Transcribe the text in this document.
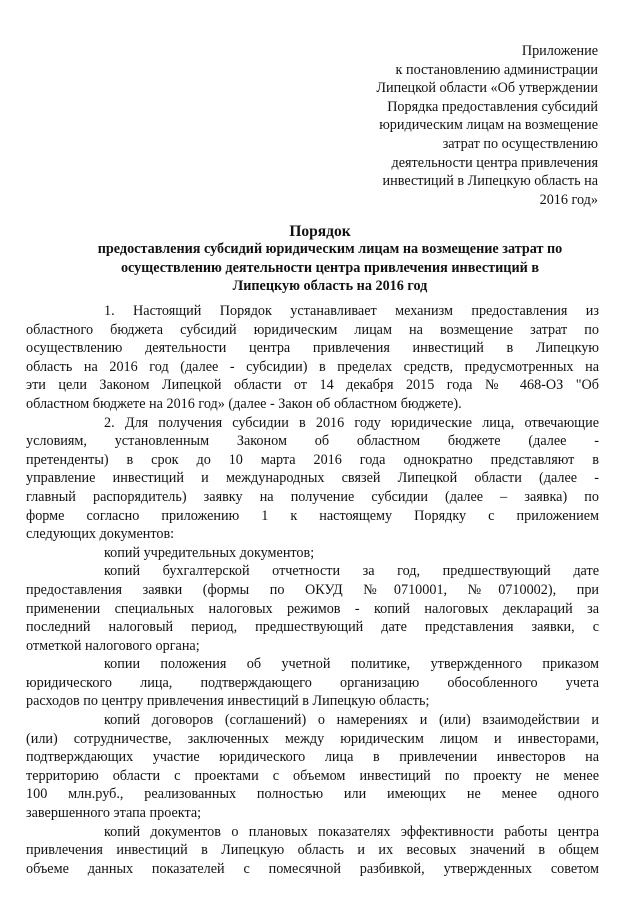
Приложение
к постановлению администрации
Липецкой области «Об утверждении
Порядка предоставления субсидий
юридическим лицам на возмещение
затрат по осуществлению
деятельности центра привлечения
инвестиций в Липецкую область на
2016 год»
Порядок
предоставления субсидий юридическим лицам на возмещение затрат по
осуществлению деятельности центра привлечения инвестиций в
Липецкую область на 2016 год
1. Настоящий Порядок устанавливает механизм предоставления из
областного бюджета субсидий юридическим лицам на возмещение затрат по
осуществлению деятельности центра привлечения инвестиций в Липецкую
область на 2016 год (далее - субсидии) в пределах средств, предусмотренных на
эти цели Законом Липецкой области от 14 декабря 2015 года № 468-ОЗ "Об
областном бюджете на 2016 год» (далее - Закон об областном бюджете).
2. Для получения субсидии в 2016 году юридические лица, отвечающие
условиям, установленным Законом об областном бюджете (далее -
претенденты) в срок до 10 марта 2016 года однократно представляют в
управление инвестиций и международных связей Липецкой области (далее -
главный распорядитель) заявку на получение субсидии (далее – заявка) по
форме согласно приложению 1 к настоящему Порядку с приложением
следующих документов:
копий учредительных документов;
копий бухгалтерской отчетности за год, предшествующий дате
предоставления заявки (формы по ОКУД №0710001, №0710002), при
применении специальных налоговых режимов - копий налоговых деклараций за
последний налоговый период, предшествующий дате представления заявки, с
отметкой налогового органа;
копии положения об учетной политике, утвержденного приказом
юридического лица, подтверждающего организацию обособленного учета
расходов по центру привлечения инвестиций в Липецкую область;
копий договоров (соглашений) о намерениях и (или) взаимодействии и
(или) сотрудничестве, заключенных между юридическим лицом и инвесторами,
подтверждающих участие юридического лица в привлечении инвесторов на
территорию области с проектами с объемом инвестиций по проекту не менее
100 млн.руб., реализованных полностью или имеющих не менее одного
завершенного этапа проекта;
копий документов о плановых показателях эффективности работы центра
привлечения инвестиций в Липецкую область и их весовых значений в общем
объеме данных показателей с помесячной разбивкой, утвержденных советом
